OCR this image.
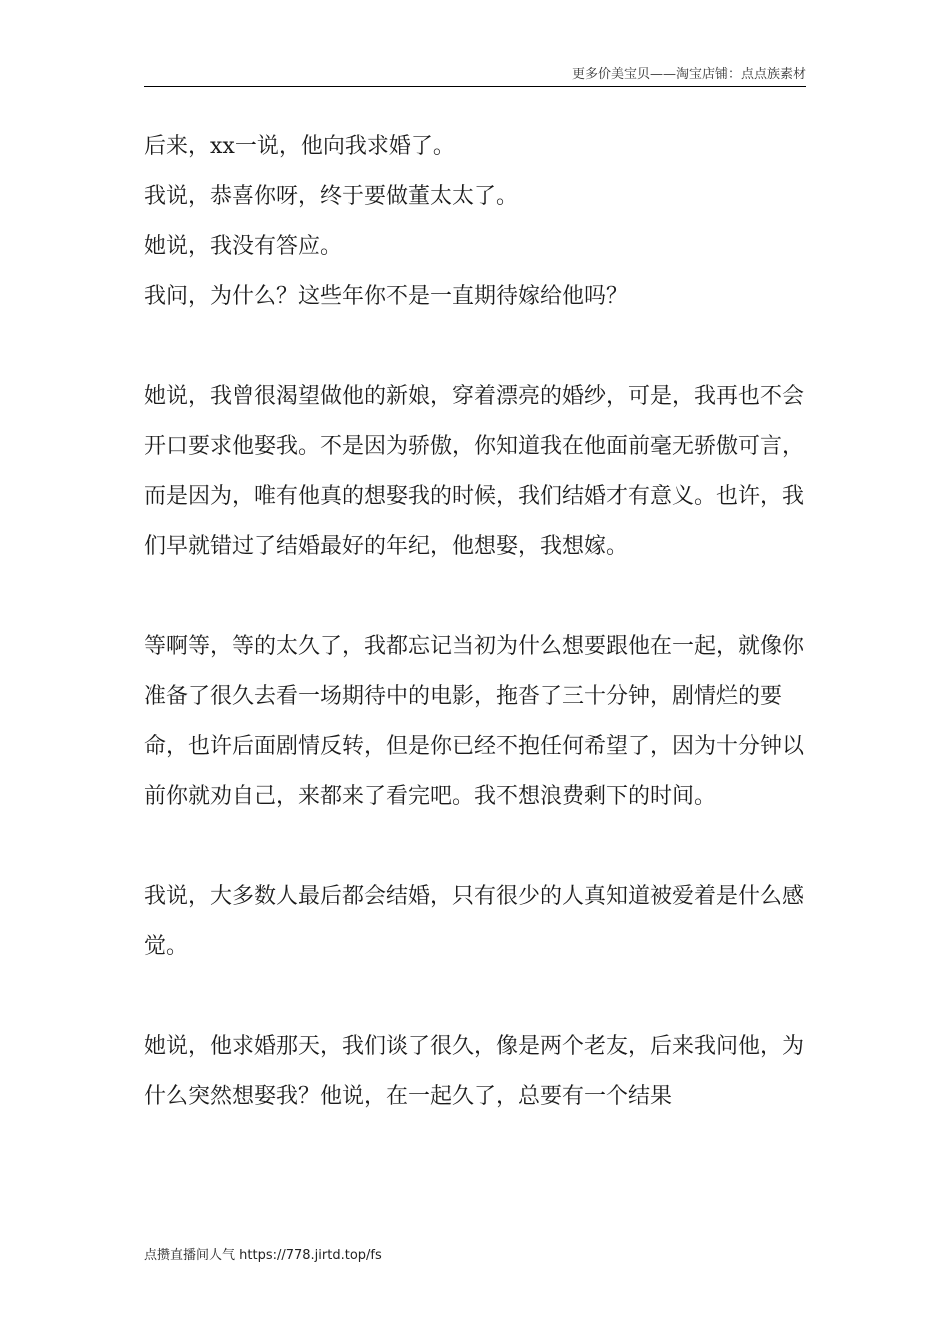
更多价美宝贝——淘宝店铺：点点族素材

后来，xx一说，他向我求婚了。

我说，恭喜你呀，终于要做董太太了。

她说，我没有答应。

我问，为什么？这些年你不是一直期待嫁给他吗？

她说，我曾很渴望做他的新娘，穿着漂亮的婚纱，可是，我再也不会开口要求他娶我。不是因为骄傲，你知道我在他面前毫无骄傲可言，而是因为，唯有他真的想娶我的时候，我们结婚才有意义。也许，我们早就错过了结婚最好的年纪，他想娶，我想嫁。

等啊等，等的太久了，我都忘记当初为什么想要跟他在一起，就像你准备了很久去看一场期待中的电影，拖沓了三十分钟，剧情烂的要命，也许后面剧情反转，但是你已经不抱任何希望了，因为十分钟以前你就劝自己，来都来了看完吧。我不想浪费剩下的时间。

我说，大多数人最后都会结婚，只有很少的人真知道被爱着是什么感觉。

她说，他求婚那天，我们谈了很久，像是两个老友，后来我问他，为什么突然想娶我？他说，在一起久了，总要有一个结果

点攒直播间人气 https://778.jirtd.top/fs
